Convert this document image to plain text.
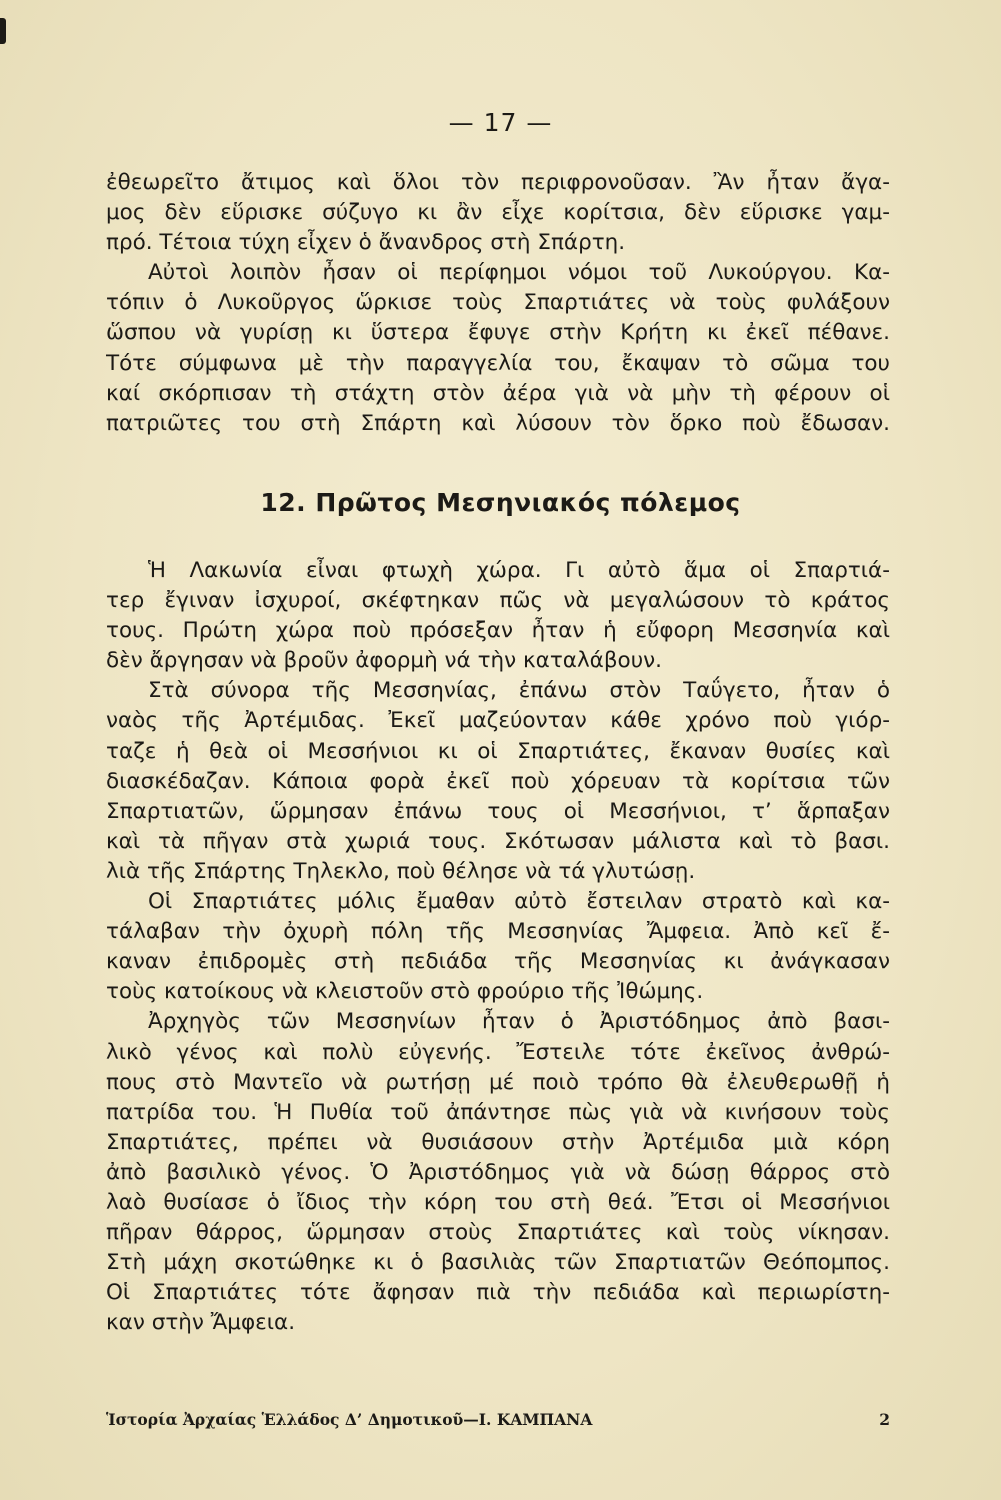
— 17 —
ἐθεωρεῖτο ἄτιμος καὶ ὅλοι τὸν περιφρονοῦσαν. Ἂν ἦταν ἄγα-
μος δὲν εὕρισκε σύζυγο κι ἂν εἶχε κορίτσια, δὲν εὕρισκε γαμ-
πρό. Τέτοια τύχη εἶχεν ὁ ἄνανδρος στὴ Σπάρτη.
Αὐτοὶ λοιπὸν ἦσαν οἱ περίφημοι νόμοι τοῦ Λυκούργου. Κα-
τόπιν ὁ Λυκοῦργος ὥρκισε τοὺς Σπαρτιάτες νὰ τοὺς φυλάξουν
ὥσπου νὰ γυρίσῃ κι ὕστερα ἔφυγε στὴν Κρήτη κι ἐκεῖ πέθανε.
Τότε σύμφωνα μὲ τὴν παραγγελία του, ἔκαψαν τὸ σῶμα του
καί σκόρπισαν τὴ στάχτη στὸν ἀέρα γιὰ νὰ μὴν τὴ φέρουν οἱ
πατριῶτες του στὴ Σπάρτη καὶ λύσουν τὸν ὅρκο ποὺ ἔδωσαν.
12. Πρῶτος Μεσηνιακός πόλεμος
Ἡ Λακωνία εἶναι φτωχὴ χώρα. Γι αὐτὸ ἅμα οἱ Σπαρτιά-
τερ ἔγιναν ἰσχυροί, σκέφτηκαν πῶς νὰ μεγαλώσουν τὸ κράτος
τους. Πρώτη χώρα ποὺ πρόσεξαν ἦταν ἡ εὔφορη Μεσσηνία καὶ
δὲν ἄργησαν νὰ βροῦν ἀφορμὴ νά τὴν καταλάβουν.
Στὰ σύνορα τῆς Μεσσηνίας, ἐπάνω στὸν Ταΰγετο, ἦταν ὁ
ναὸς τῆς Ἀρτέμιδας. Ἐκεῖ μαζεύονταν κάθε χρόνο ποὺ γιόρ-
ταζε ἡ θεὰ οἱ Μεσσήνιοι κι οἱ Σπαρτιάτες, ἔκαναν θυσίες καὶ
διασκέδαζαν. Κάποια φορὰ ἐκεῖ ποὺ χόρευαν τὰ κορίτσια τῶν
Σπαρτιατῶν, ὥρμησαν ἐπάνω τους οἱ Μεσσήνιοι, τ’ ἅρπαξαν
καὶ τὰ πῆγαν στὰ χωριά τους. Σκότωσαν μάλιστα καὶ τὸ βασι.
λιὰ τῆς Σπάρτης Τηλεκλο, ποὺ θέλησε νὰ τά γλυτώσῃ.
Οἱ Σπαρτιάτες μόλις ἔμαθαν αὐτὸ ἔστειλαν στρατὸ καὶ κα-
τάλαβαν τὴν ὀχυρὴ πόλη τῆς Μεσσηνίας Ἄμφεια. Ἀπὸ κεῖ ἔ-
καναν ἐπιδρομὲς στὴ πεδιάδα τῆς Μεσσηνίας κι ἀνάγκασαν
τοὺς κατοίκους νὰ κλειστοῦν στὸ φρούριο τῆς Ἰθώμης.
Ἀρχηγὸς τῶν Μεσσηνίων ἦταν ὁ Ἀριστόδημος ἀπὸ βασι-
λικὸ γένος καὶ πολὺ εὐγενής. Ἔστειλε τότε ἐκεῖνος ἀνθρώ-
πους στὸ Μαντεῖο νὰ ρωτήσῃ μέ ποιὸ τρόπο θὰ ἐλευθερωθῇ ἡ
πατρίδα του. Ἡ Πυθία τοῦ ἀπάντησε πὼς γιὰ νὰ κινήσουν τοὺς
Σπαρτιάτες, πρέπει νὰ θυσιάσουν στὴν Ἀρτέμιδα μιὰ κόρη
ἀπὸ βασιλικὸ γένος. Ὁ Ἀριστόδημος γιὰ νὰ δώσῃ θάρρος στὸ
λαὸ θυσίασε ὁ ἴδιος τὴν κόρη του στὴ θεά. Ἔτσι οἱ Μεσσήνιοι
πῆραν θάρρος, ὥρμησαν στοὺς Σπαρτιάτες καὶ τοὺς νίκησαν.
Στὴ μάχη σκοτώθηκε κι ὁ βασιλιὰς τῶν Σπαρτιατῶν Θεόπομπος.
Οἱ Σπαρτιάτες τότε ἄφησαν πιὰ τὴν πεδιάδα καὶ περιωρίστη-
καν στὴν Ἄμφεια.
Ἱστορία Ἀρχαίας Ἑλλάδος Δ’ Δημοτικοῦ—Ι. ΚΑΜΠΑΝΑ	2
